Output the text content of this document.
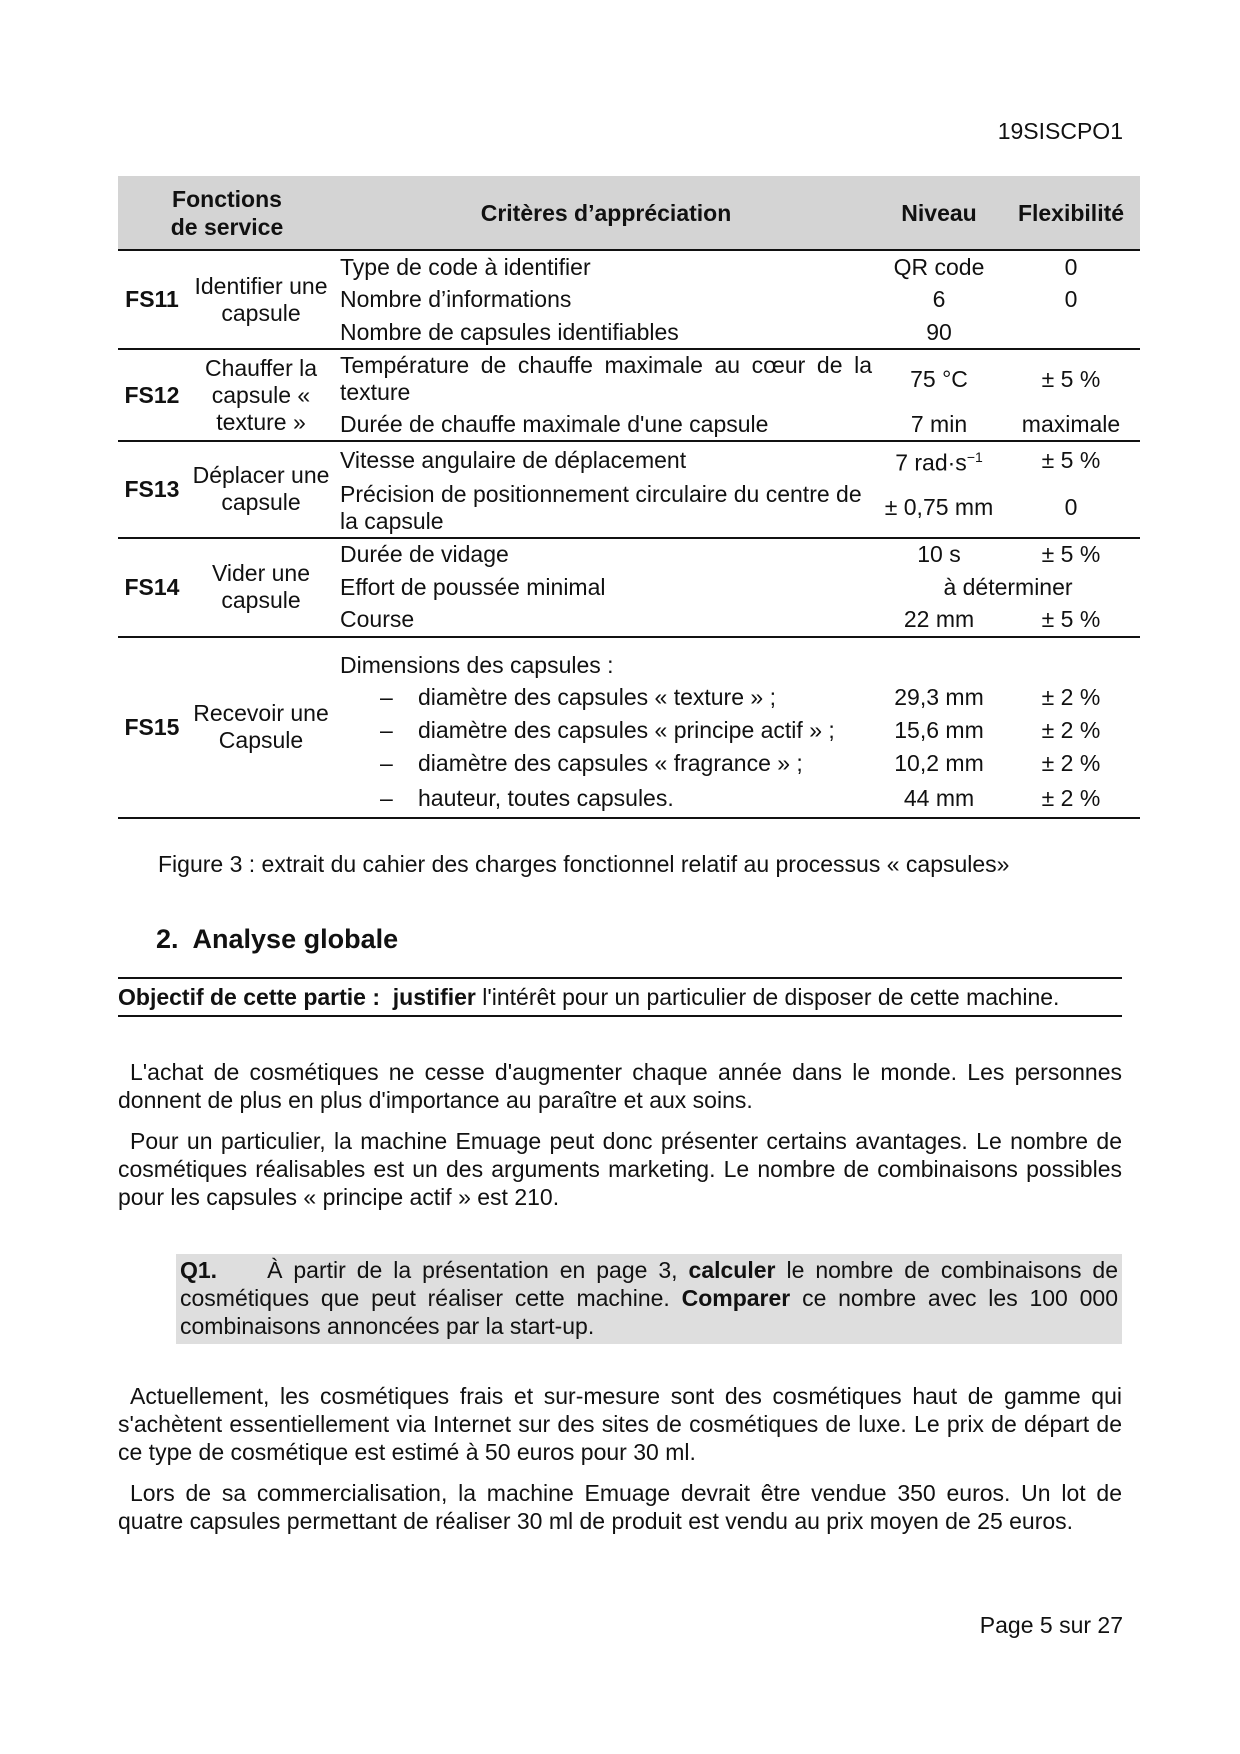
19SISCPO1
Fonctions de service		Critères d’appréciation	Niveau	Flexibilité
FS11	Identifier une capsule	Type de code à identifier	QR code	0
		Nombre d’informations	6	0
		Nombre de capsules identifiables	90	
FS12	Chauffer la capsule « texture »	Température de chauffe maximale au cœur de la texture	75 °C	± 5 %
		Durée de chauffe maximale d'une capsule	7 min	maximale
FS13	Déplacer une capsule	Vitesse angulaire de déplacement	7 $rad\cdot s^{-1}$	± 5 %
		Précision de positionnement circulaire du centre de la capsule	± 0,75 mm	0
FS14	Vider une capsule	Durée de vidage	10 s	± 5 %
		Effort de poussée minimal	à déterminer	
		Course	22 mm	± 5 %
FS15	Recevoir une Capsule	Dimensions des capsules :		

		– diamètre des capsules « texture » ;	29,3 mm	± 2 %

		– diamètre des capsules « principe actif » ;	15,6 mm	± 2 %

		– diamètre des capsules « fragrance » ;	10,2 mm	± 2 %

		– hauteur, toutes capsules.	44 mm	± 2 %
Figure 3 : extrait du cahier des charges fonctionnel relatif au processus « capsules»
2. Analyse globale
Objectif de cette partie : justifier l'intérêt pour un particulier de disposer de cette machine.

L'achat de cosmétiques ne cesse d'augmenter chaque année dans le monde. Les personnes donnent de plus en plus d'importance au paraître et aux soins.

Pour un particulier, la machine Emuage peut donc présenter certains avantages. Le nombre de cosmétiques réalisables est un des arguments marketing. Le nombre de combinaisons possibles pour les capsules « principe actif » est 210.

Q1. À partir de la présentation en page 3, calculer le nombre de combinaisons de cosmétiques que peut réaliser cette machine. Comparer ce nombre avec les 100 000 combinaisons annoncées par la start-up.

Actuellement, les cosmétiques frais et sur-mesure sont des cosmétiques haut de gamme qui s'achètent essentiellement via Internet sur des sites de cosmétiques de luxe. Le prix de départ de ce type de cosmétique est estimé à 50 euros pour 30 ml.

Lors de sa commercialisation, la machine Emuage devrait être vendue 350 euros. Un lot de quatre capsules permettant de réaliser 30 ml de produit est vendu au prix moyen de 25 euros.

Page 5 sur 27
